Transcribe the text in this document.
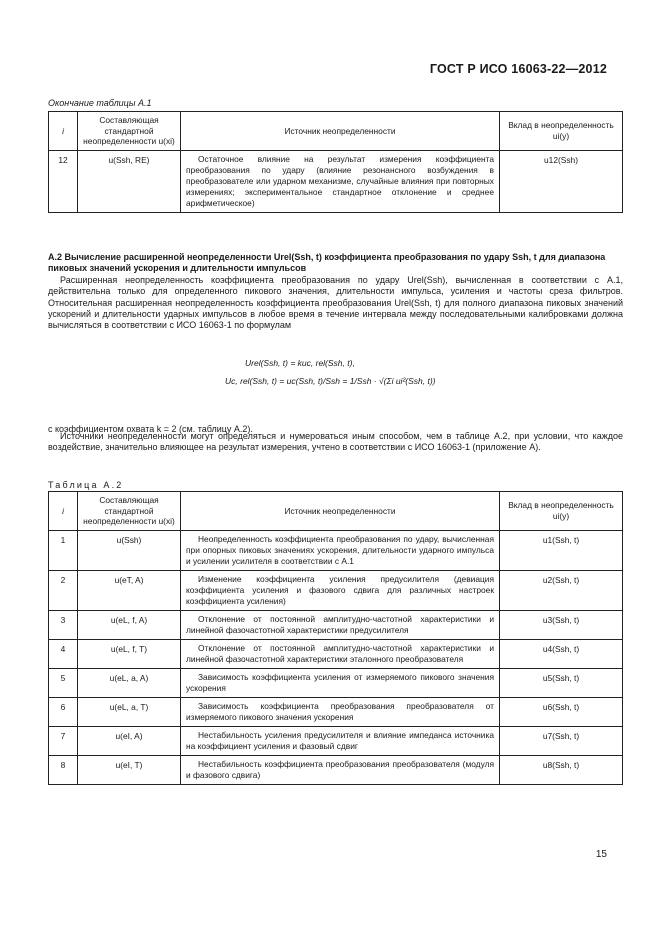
ГОСТ Р ИСО 16063-22—2012
Окончание таблицы А.1
i	Составляющая стандартной неопределенности u(xi)	Источник неопределенности	Вклад в неопределенность ui(y)
12	u(Ssh, RE)	Остаточное влияние на результат измерения коэффициента преобразования по удару (влияние резонансного возбуждения в преобразователе или ударном механизме, случайные влияния при повторных измерениях; экспериментальное стандартное отклонение и среднее арифметическое)	u12(Ssh)
А.2 Вычисление расширенной неопределенности Urel(Ssh, t) коэффициента преобразования по удару Ssh, t для диапазона пиковых значений ускорения и длительности импульсов

Расширенная неопределенность коэффициента преобразования по удару Urel(Ssh), вычисленная в соответствии с А.1, действительна только для определенного пикового значения, длительности импульса, усиления и частоты среза фильтров. Относительная расширенная неопределенность коэффициента преобразования Urel(Ssh, t) для полного диапазона пиковых значений ускорений и длительности ударных импульсов в любое время в течение интервала между последовательными калибровками должна вычисляться в соответствии с ИСО 16063-1 по формулам

Urel(Ssh, t) = kuc, rel(Ssh, t),
Uc, rel(Ssh, t) = uc(Ssh, t)/Ssh = 1/Ssh · √(Σi ui²(Ssh, t))

с коэффициентом охвата k = 2 (см. таблицу А.2).

Источники неопределенности могут определяться и нумероваться иным способом, чем в таблице А.2, при условии, что каждое воздействие, значительно влияющее на результат измерения, учтено в соответствии с ИСО 16063-1 (приложение А).

Таблица А.2
i	Составляющая стандартной неопределенности u(xi)	Источник неопределенности	Вклад в неопределенность ui(y)
1	u(Ssh)	Неопределенность коэффициента преобразования по удару, вычисленная при опорных пиковых значениях ускорения, длительности ударного импульса и усилении усилителя в соответствии с А.1	u1(Ssh, t)
2	u(eT, A)	Изменение коэффициента усиления предусилителя (девиация коэффициента усиления и фазового сдвига для различных настроек коэффициента усиления)	u2(Ssh, t)
3	u(eL, f, A)	Отклонение от постоянной амплитудно-частотной характеристики и линейной фазочастотной характеристики предусилителя	u3(Ssh, t)
4	u(eL, f, T)	Отклонение от постоянной амплитудно-частотной характеристики и линейной фазочастотной характеристики эталонного преобразователя	u4(Ssh, t)
5	u(eL, a, A)	Зависимость коэффициента усиления от измеряемого пикового значения ускорения	u5(Ssh, t)
6	u(eL, a, T)	Зависимость коэффициента преобразования преобразователя от измеряемого пикового значения ускорения	u6(Ssh, t)
7	u(eI, A)	Нестабильность усиления предусилителя и влияние импеданса источника на коэффициент усиления и фазовый сдвиг	u7(Ssh, t)
8	u(eI, T)	Нестабильность коэффициента преобразования преобразователя (модуля и фазового сдвига)	u8(Ssh, t)
15
